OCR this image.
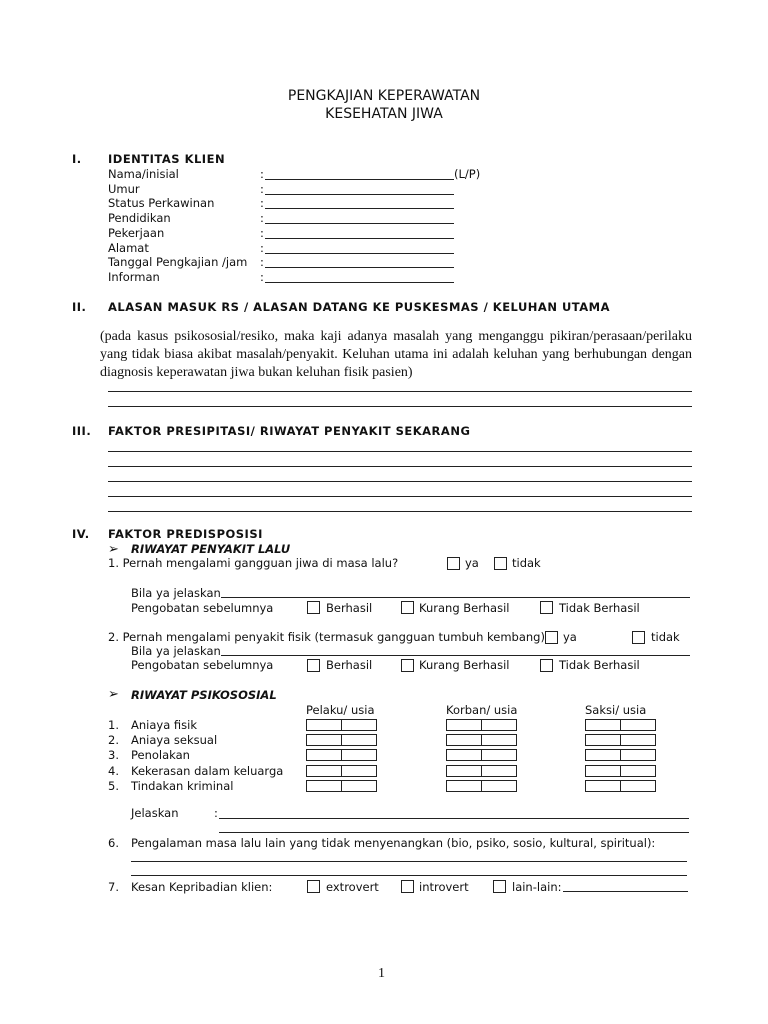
PENGKAJIAN KEPERAWATAN
KESEHATAN JIWA
I. IDENTITAS KLIEN
Nama/inisial	:	(L/P)
Umur	:
Status Perkawinan	:
Pendidikan	:
Pekerjaan	:
Alamat	:
Tanggal Pengkajian /jam :
Informan	:
II. ALASAN MASUK RS / ALASAN DATANG KE PUSKESMAS / KELUHAN UTAMA
(pada kasus psikososial/resiko, maka kaji adanya masalah yang menganggu pikiran/perasaan/perilaku yang tidak biasa akibat masalah/penyakit. Keluhan utama ini adalah keluhan yang berhubungan dengan diagnosis keperawatan jiwa bukan keluhan fisik pasien)
III. FAKTOR PRESIPITASI/ RIWAYAT PENYAKIT SEKARANG
IV. FAKTOR PREDISPOSISI
➢ RIWAYAT PENYAKIT LALU
1. Pernah mengalami gangguan jiwa di masa lalu?	ya	tidak
Bila ya jelaskan
Pengobatan sebelumnya	Berhasil	Kurang Berhasil	Tidak Berhasil
2. Pernah mengalami penyakit fisik (termasuk gangguan tumbuh kembang) ya	tidak
Bila ya jelaskan
Pengobatan sebelumnya	Berhasil	Kurang Berhasil	Tidak Berhasil
➢ RIWAYAT PSIKOSOSIAL
Pelaku/ usia	Korban/ usia	Saksi/ usia
1. Aniaya fisik
2. Aniaya seksual
3. Penolakan
4. Kekerasan dalam keluarga
5. Tindakan kriminal
Jelaskan	:
6. Pengalaman masa lalu lain yang tidak menyenangkan (bio, psiko, sosio, kultural, spiritual):
7. Kesan Kepribadian klien:	extrovert	introvert	lain-lain:
1
